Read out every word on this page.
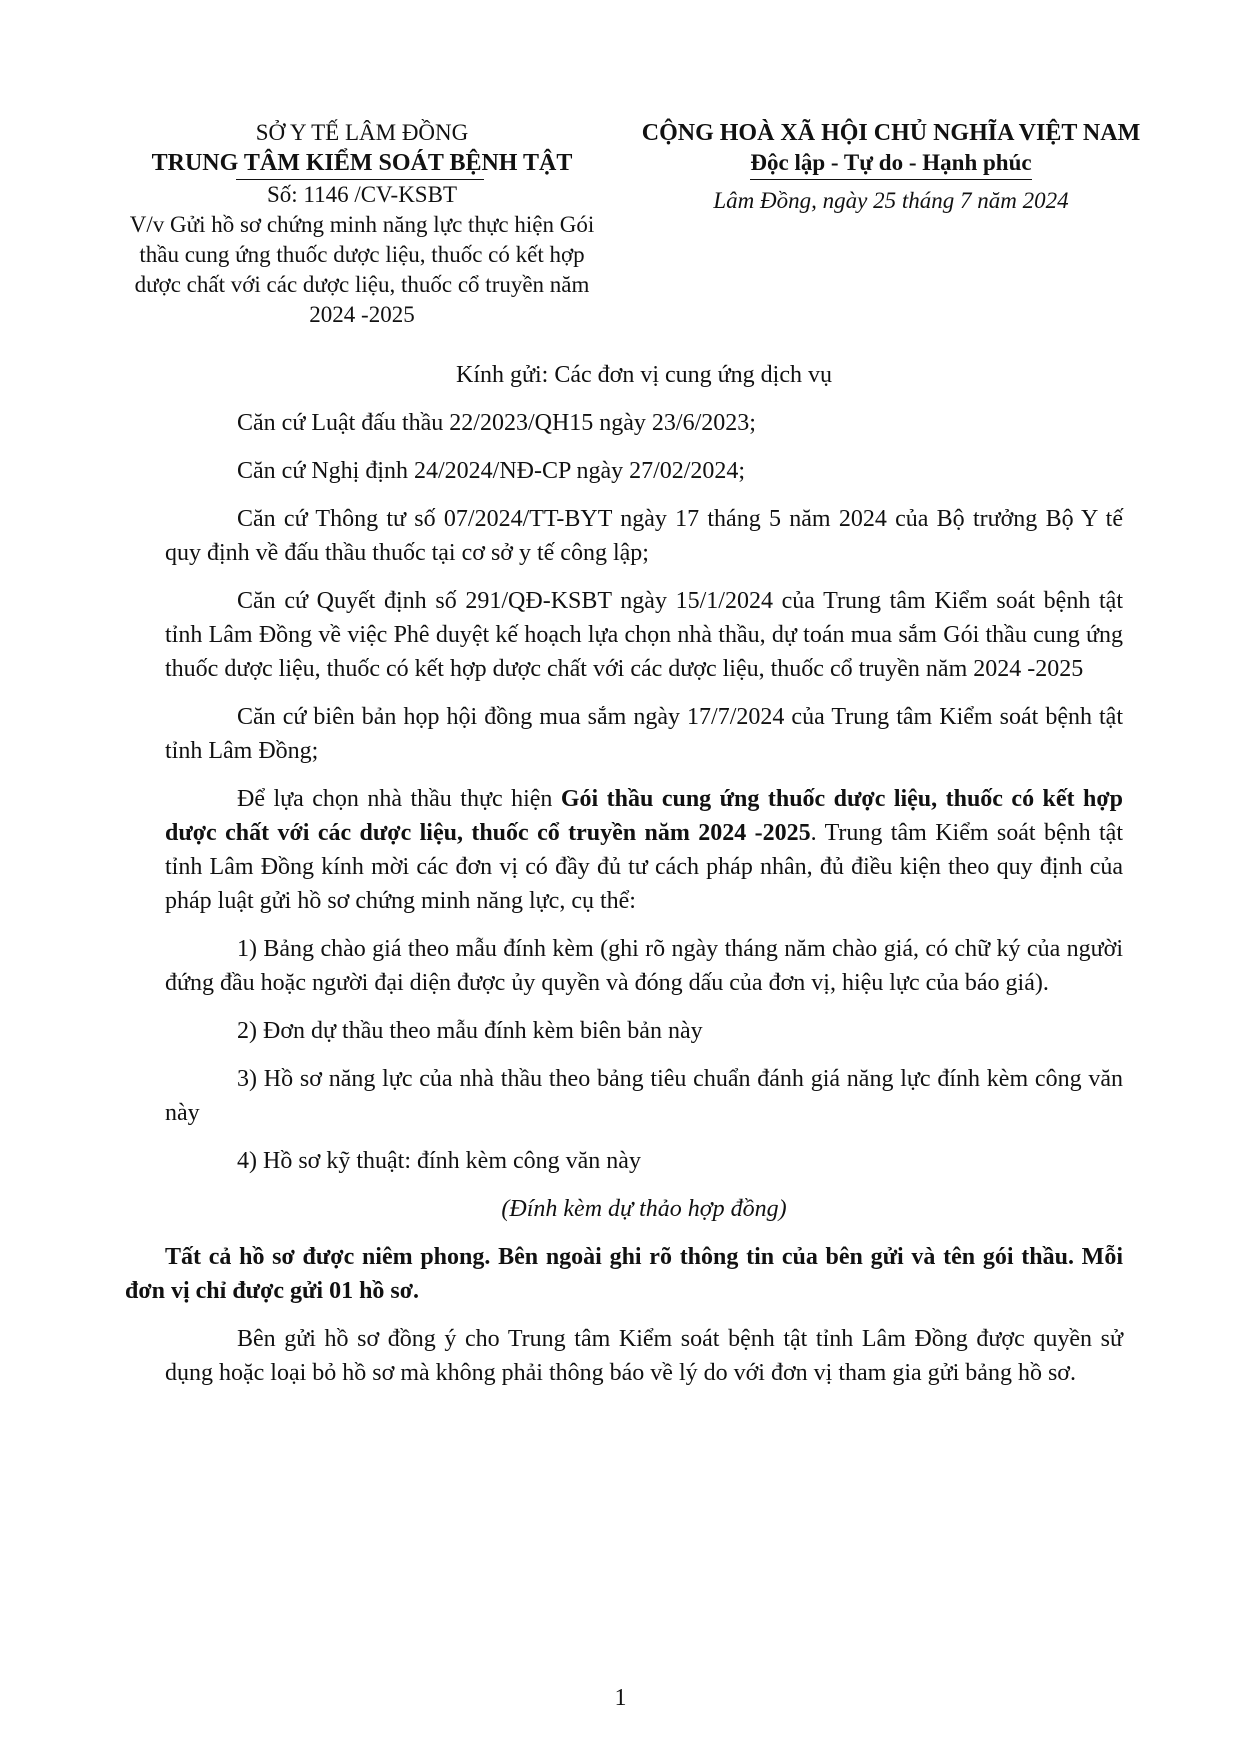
SỞ Y TẾ LÂM ĐỒNG
TRUNG TÂM KIỂM SOÁT BỆNH TẬT
Số: 1146 /CV-KSBT
V/v Gửi hồ sơ chứng minh năng lực thực hiện Gói thầu cung ứng thuốc dược liệu, thuốc có kết hợp dược chất với các dược liệu, thuốc cổ truyền năm 2024 -2025
CỘNG HOÀ XÃ HỘI CHỦ NGHĨA VIỆT NAM
Độc lập - Tự do - Hạnh phúc
Lâm Đồng, ngày 25 tháng 7 năm 2024

Kính gửi: Các đơn vị cung ứng dịch vụ

Căn cứ Luật đấu thầu 22/2023/QH15 ngày 23/6/2023;

Căn cứ Nghị định 24/2024/NĐ-CP ngày 27/02/2024;

Căn cứ Thông tư số 07/2024/TT-BYT ngày 17 tháng 5 năm 2024 của Bộ trưởng Bộ Y tế quy định về đấu thầu thuốc tại cơ sở y tế công lập;

Căn cứ Quyết định số 291/QĐ-KSBT ngày 15/1/2024 của Trung tâm Kiểm soát bệnh tật tỉnh Lâm Đồng về việc Phê duyệt kế hoạch lựa chọn nhà thầu, dự toán mua sắm Gói thầu cung ứng thuốc dược liệu, thuốc có kết hợp dược chất với các dược liệu, thuốc cổ truyền năm 2024 -2025

Căn cứ biên bản họp hội đồng mua sắm ngày 17/7/2024 của Trung tâm Kiểm soát bệnh tật tỉnh Lâm Đồng;

Để lựa chọn nhà thầu thực hiện Gói thầu cung ứng thuốc dược liệu, thuốc có kết hợp dược chất với các dược liệu, thuốc cổ truyền năm 2024 -2025. Trung tâm Kiểm soát bệnh tật tỉnh Lâm Đồng kính mời các đơn vị có đầy đủ tư cách pháp nhân, đủ điều kiện theo quy định của pháp luật gửi hồ sơ chứng minh năng lực, cụ thể:

1) Bảng chào giá theo mẫu đính kèm (ghi rõ ngày tháng năm chào giá, có chữ ký của người đứng đầu hoặc người đại diện được ủy quyền và đóng dấu của đơn vị, hiệu lực của báo giá).

2) Đơn dự thầu theo mẫu đính kèm biên bản này

3) Hồ sơ năng lực của nhà thầu theo bảng tiêu chuẩn đánh giá năng lực đính kèm công văn này

4) Hồ sơ kỹ thuật: đính kèm công văn này

(Đính kèm dự thảo hợp đồng)

Tất cả hồ sơ được niêm phong. Bên ngoài ghi rõ thông tin của bên gửi và tên gói thầu. Mỗi đơn vị chỉ được gửi 01 hồ sơ.

Bên gửi hồ sơ đồng ý cho Trung tâm Kiểm soát bệnh tật tỉnh Lâm Đồng được quyền sử dụng hoặc loại bỏ hồ sơ mà không phải thông báo về lý do với đơn vị tham gia gửi bảng hồ sơ.

1
